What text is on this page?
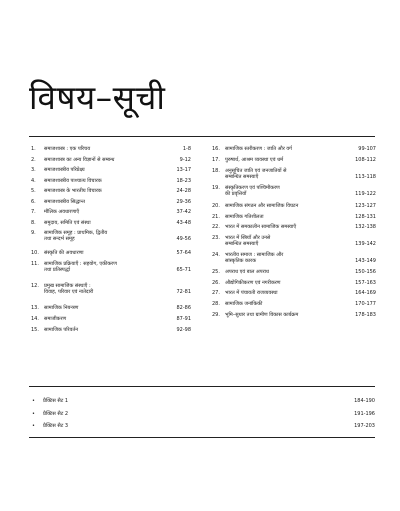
विषय–सूची
1.	समाजशास्त्र : एक परिचय	1-8
2.	समाजशास्त्र का अन्य विज्ञानों से सम्बन्ध	9-12
3.	समाजशास्त्रीय परिप्रेक्ष्य	13-17
4.	समाजशास्त्रीय पाश्चात्य विचारक	18-23
5.	समाजशास्त्र के भारतीय विचारक	24-28
6.	समाजशास्त्रीय सिद्धान्त	29-36
7.	मौलिक अवधारणाएँ	37-42
8.	समुदाय, समिति एवं संस्था	43-48
9.	सामाजिक समूह : प्राथमिक, द्वितीय
तथा सन्दर्भ समूह	49-56
10.	संस्कृति की अवधारणा	57-64
11.	सामाजिक प्रक्रियाएँ : सहयोग, एकीकरण
तथा प्रतिस्पर्द्धा	65-71
12.	प्रमुख सामाजिक संस्थाएँ :
विवाह, परिवार एवं नातेदारी	72-81
13.	सामाजिक नियन्त्रण	82-86
14.	समाजीकरण	87-91
15.	सामाजिक परिवर्तन	92-98
16.	सामाजिक स्तरीकरण : जाति और वर्ग	99-107
17.	पुरुषार्थ, आश्रम व्यवस्था एवं धर्म	108-112
18.	अनुसूचित जाति एवं जनजातियों से
सम्बन्धित समस्याएँ	113-118
19.	संस्कृतिकरण एवं पश्चिमीकरण
की प्रवृत्तियाँ	119-122
20.	सामाजिक संगठन और सामाजिक विघटन	123-127
21.	सामाजिक गतिशीलता	128-131
22.	भारत में समकालीन सामाजिक समस्याएँ	132-138
23.	भारत में स्त्रियाँ और उनसे
सम्बन्धित समस्याएँ	139-142
24.	भारतीय समाज : सामाजिक और
सांस्कृतिक कारक	143-149
25.	अपराध एवं बाल अपराध	150-156
26.	औद्योगिकीकरण एवं नगरीकरण	157-163
27.	भारत में पंचायती राजव्यवस्था	164-169
28.	सामाजिक जनांकिकी	170-177
29.	भूमि–सुधार तथा ग्रामीण विकास कार्यक्रम	178-183
• प्रैक्टिस सैट 1	184-190
• प्रैक्टिस सैट 2	191-196
• प्रैक्टिस सैट 3	197-203
